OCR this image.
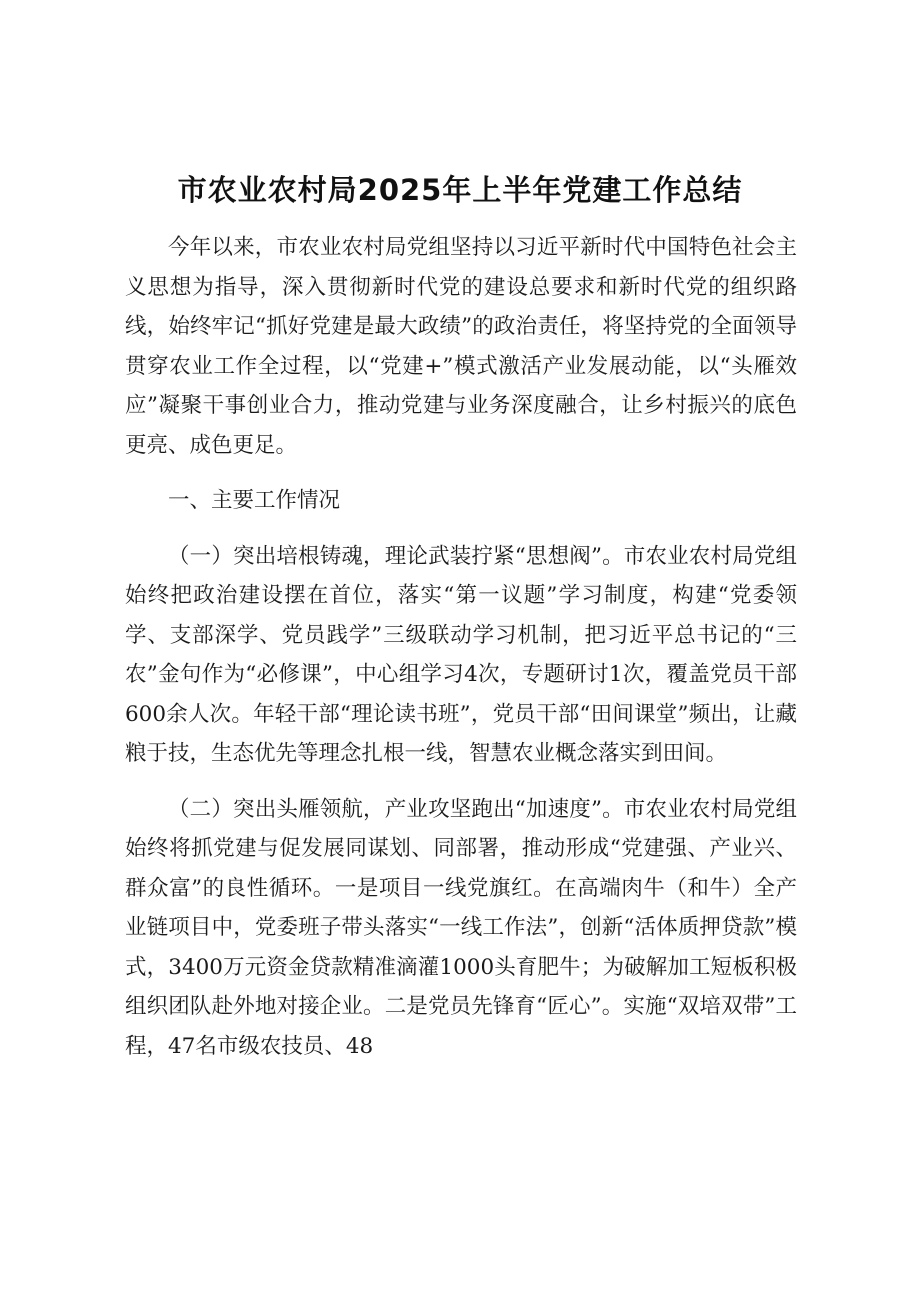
市农业农村局2025年上半年党建工作总结

今年以来，市农业农村局党组坚持以习近平新时代中国特色社会主义思想为指导，深入贯彻新时代党的建设总要求和新时代党的组织路线，始终牢记“抓好党建是最大政绩”的政治责任，将坚持党的全面领导贯穿农业工作全过程，以“党建+”模式激活产业发展动能，以“头雁效应”凝聚干事创业合力，推动党建与业务深度融合，让乡村振兴的底色更亮、成色更足。

一、主要工作情况

（一）突出培根铸魂，理论武装拧紧“思想阀”。市农业农村局党组始终把政治建设摆在首位，落实“第一议题”学习制度，构建“党委领学、支部深学、党员践学”三级联动学习机制，把习近平总书记的“三农”金句作为“必修课”，中心组学习4次，专题研讨1次，覆盖党员干部600余人次。年轻干部“理论读书班”，党员干部“田间课堂”频出，让藏粮于技，生态优先等理念扎根一线，智慧农业概念落实到田间。

（二）突出头雁领航，产业攻坚跑出“加速度”。市农业农村局党组始终将抓党建与促发展同谋划、同部署，推动形成“党建强、产业兴、群众富”的良性循环。一是项目一线党旗红。在高端肉牛（和牛）全产业链项目中，党委班子带头落实“一线工作法”，创新“活体质押贷款”模式，3400万元资金贷款精准滴灌1000头育肥牛；为破解加工短板积极组织团队赴外地对接企业。二是党员先锋育“匠心”。实施“双培双带”工程，47名市级农技员、48
